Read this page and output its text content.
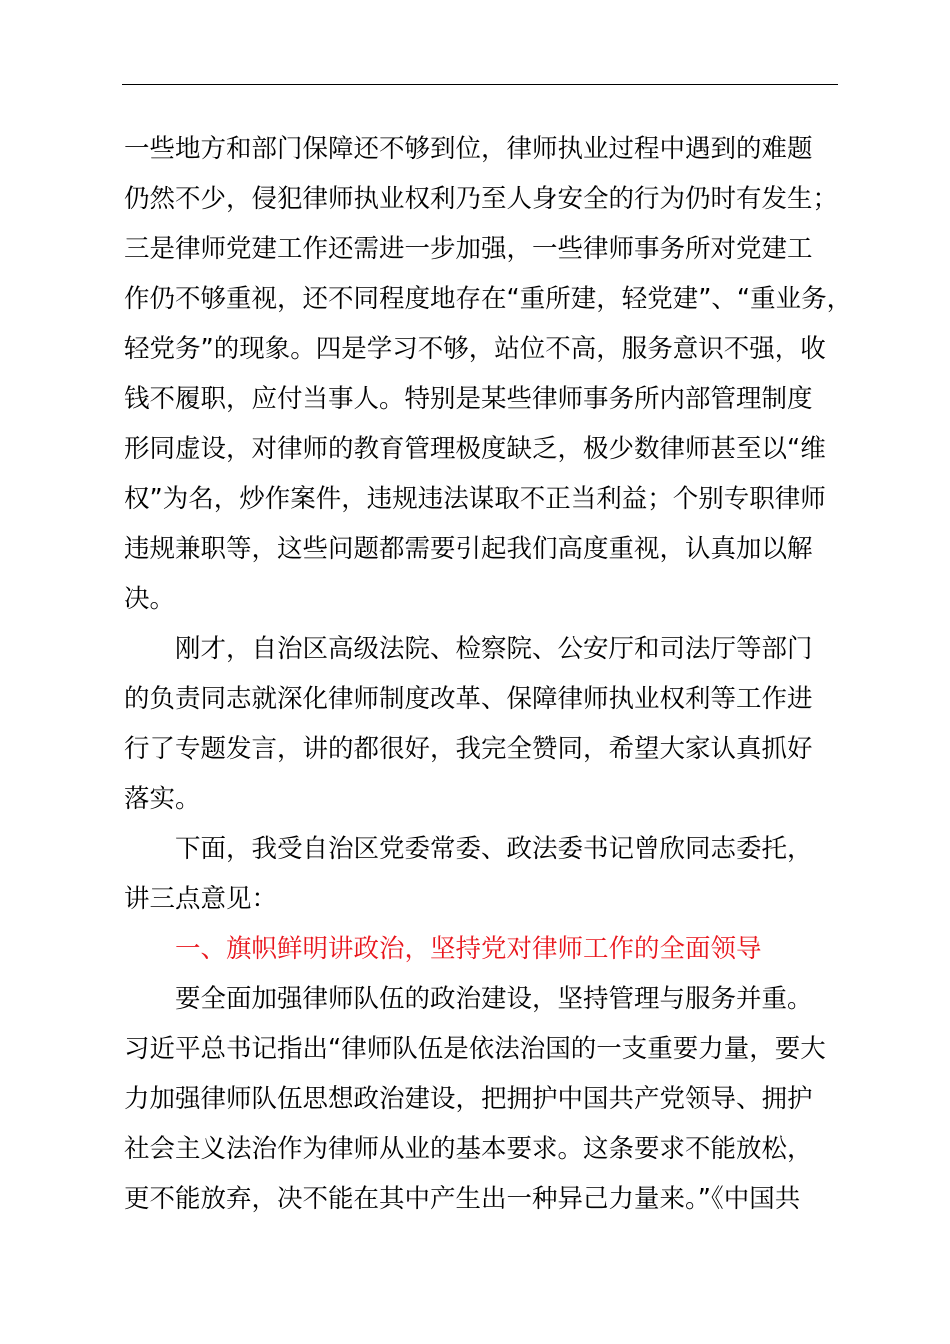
一些地方和部门保障还不够到位，律师执业过程中遇到的难题
仍然不少，侵犯律师执业权利乃至人身安全的行为仍时有发生；
三是律师党建工作还需进一步加强，一些律师事务所对党建工
作仍不够重视，还不同程度地存在“重所建，轻党建”、“重业务，
轻党务”的现象。四是学习不够，站位不高，服务意识不强，收
钱不履职，应付当事人。特别是某些律师事务所内部管理制度
形同虚设，对律师的教育管理极度缺乏，极少数律师甚至以“维
权”为名，炒作案件，违规违法谋取不正当利益；个别专职律师
违规兼职等，这些问题都需要引起我们高度重视，认真加以解
决。
刚才，自治区高级法院、检察院、公安厅和司法厅等部门
的负责同志就深化律师制度改革、保障律师执业权利等工作进
行了专题发言，讲的都很好，我完全赞同，希望大家认真抓好
落实。
下面，我受自治区党委常委、政法委书记曾欣同志委托，
讲三点意见：
一、旗帜鲜明讲政治，坚持党对律师工作的全面领导
要全面加强律师队伍的政治建设，坚持管理与服务并重。
习近平总书记指出“律师队伍是依法治国的一支重要力量，要大
力加强律师队伍思想政治建设，把拥护中国共产党领导、拥护
社会主义法治作为律师从业的基本要求。这条要求不能放松，
更不能放弃，决不能在其中产生出一种异己力量来。”《中国共
